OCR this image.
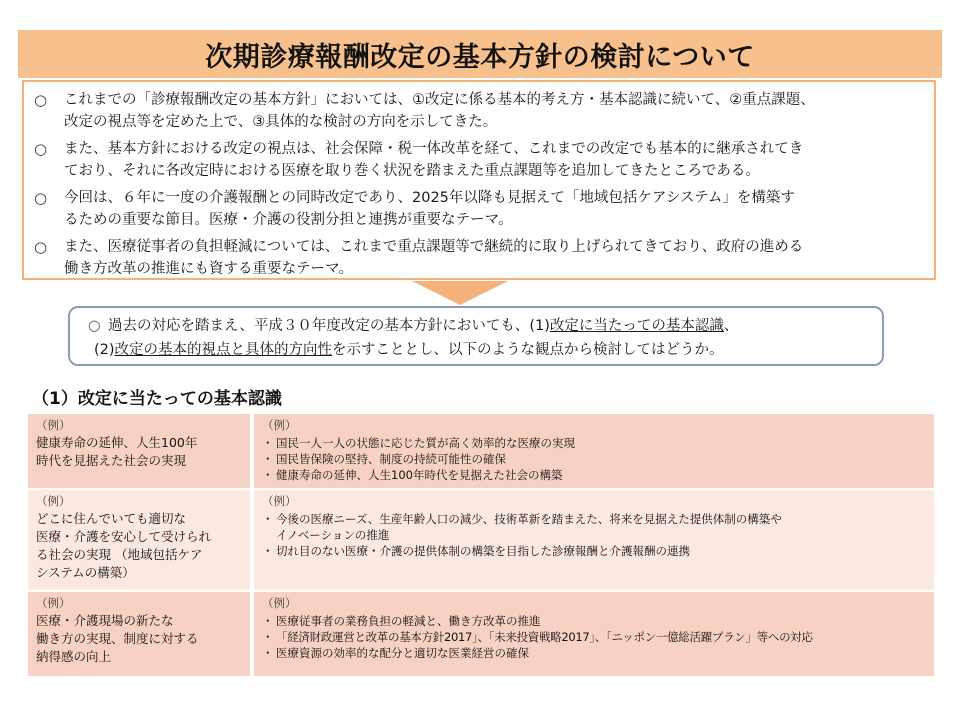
次期診療報酬改定の基本方針の検討について
○	これまでの「診療報酬改定の基本方針」においては、①改定に係る基本的考え方・基本認識に続いて、②重点課題、
改定の視点等を定めた上で、③具体的な検討の方向を示してきた。
○	また、基本方針における改定の視点は、社会保障・税一体改革を経て、これまでの改定でも基本的に継承されてき
ており、それに各改定時における医療を取り巻く状況を踏まえた重点課題等を追加してきたところである。
○	今回は、６年に一度の介護報酬との同時改定であり、2025年以降も見据えて「地域包括ケアシステム」を構築す
るための重要な節目。医療・介護の役割分担と連携が重要なテーマ。
○	また、医療従事者の負担軽減については、これまで重点課題等で継続的に取り上げられてきており、政府の進める
働き方改革の推進にも資する重要なテーマ。
○ 過去の対応を踏まえ、平成３０年度改定の基本方針においても、(1)改定に当たっての基本認識、
(2)改定の基本的視点と具体的方向性を示すこととし、以下のような観点から検討してはどうか。
（1）改定に当たっての基本認識
（例）
健康寿命の延伸、人生100年
時代を見据えた社会の実現
（例）
・ 国民一人一人の状態に応じた質が高く効率的な医療の実現
・ 国民皆保険の堅持、制度の持続可能性の確保
・ 健康寿命の延伸、人生100年時代を見据えた社会の構築
（例）
どこに住んでいても適切な
医療・介護を安心して受けられ
る社会の実現 （地域包括ケア
システムの構築）
（例）
・ 今後の医療ニーズ、生産年齢人口の減少、技術革新を踏まえた、将来を見据えた提供体制の構築や
イノベーションの推進
・ 切れ目のない医療・介護の提供体制の構築を目指した診療報酬と介護報酬の連携
（例）
医療・介護現場の新たな
働き方の実現、制度に対する
納得感の向上
（例）
・ 医療従事者の業務負担の軽減と、働き方改革の推進
・ 「経済財政運営と改革の基本方針2017」、「未来投資戦略2017」、「ニッポン一億総活躍プラン」等への対応
・ 医療資源の効率的な配分と適切な医業経営の確保
